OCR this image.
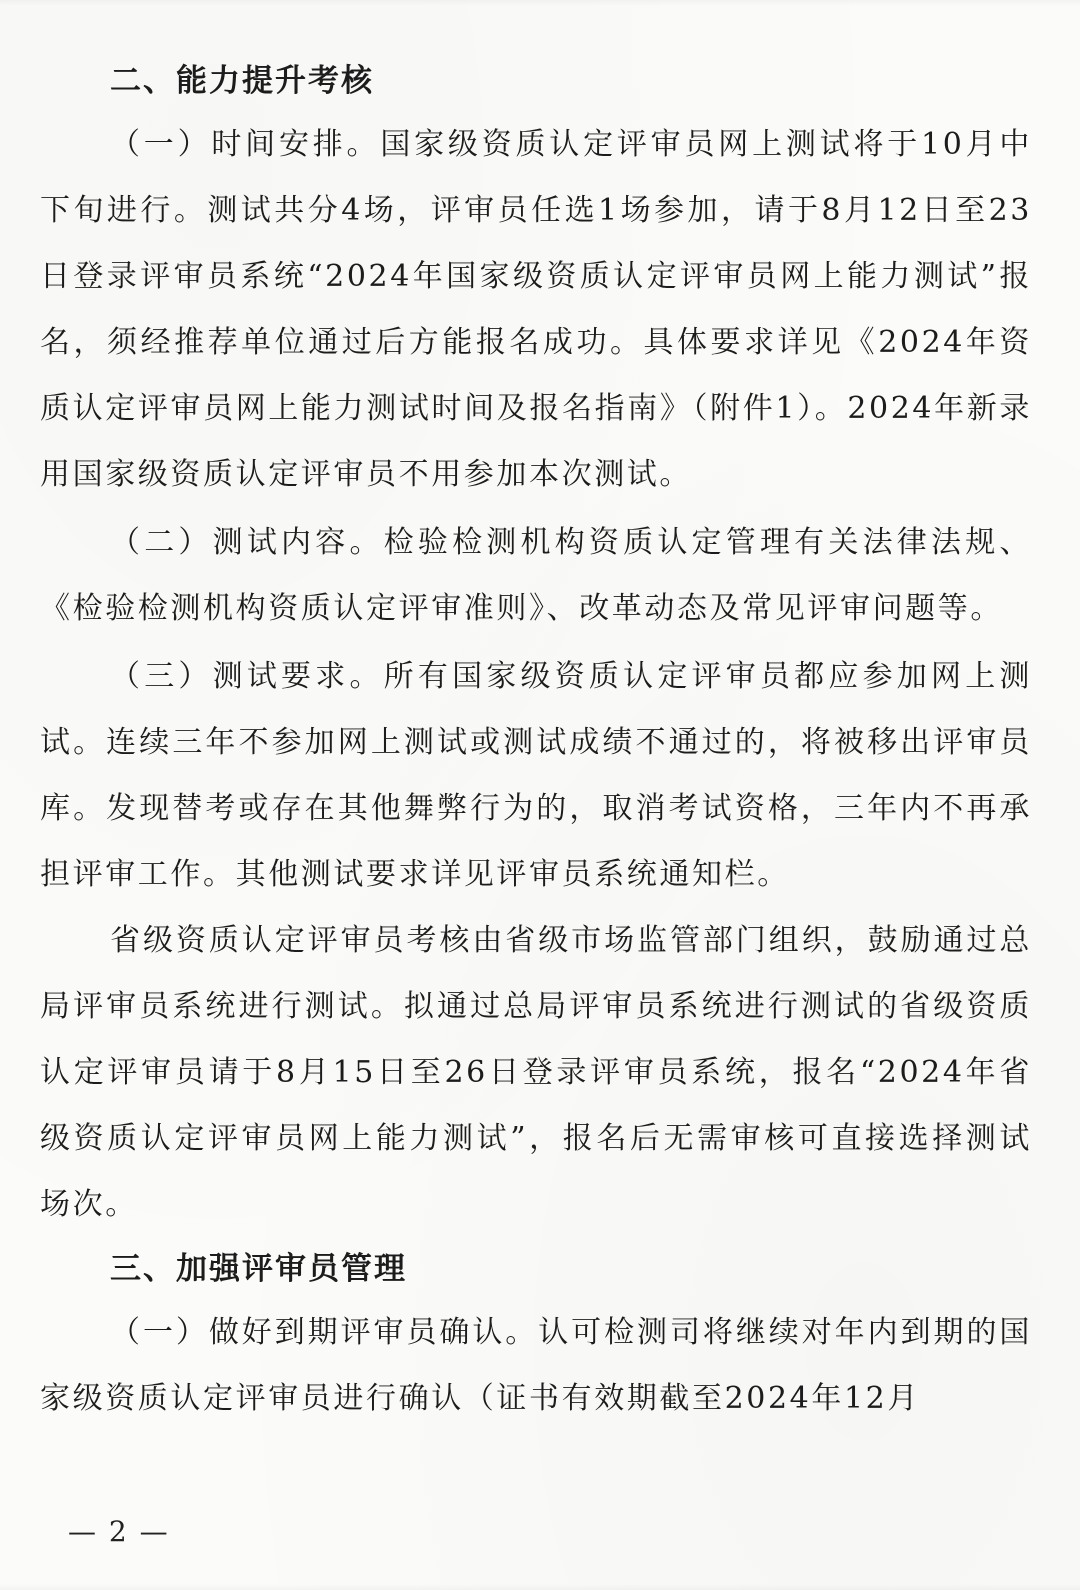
二、能力提升考核

（一）时间安排。国家级资质认定评审员网上测试将于10月中下旬进行。测试共分4场，评审员任选1场参加，请于8月12日至23日登录评审员系统“2024年国家级资质认定评审员网上能力测试”报名，须经推荐单位通过后方能报名成功。具体要求详见《2024年资质认定评审员网上能力测试时间及报名指南》（附件1）。2024年新录用国家级资质认定评审员不用参加本次测试。

（二）测试内容。检验检测机构资质认定管理有关法律法规、《检验检测机构资质认定评审准则》、改革动态及常见评审问题等。

（三）测试要求。所有国家级资质认定评审员都应参加网上测试。连续三年不参加网上测试或测试成绩不通过的，将被移出评审员库。发现替考或存在其他舞弊行为的，取消考试资格，三年内不再承担评审工作。其他测试要求详见评审员系统通知栏。

省级资质认定评审员考核由省级市场监管部门组织，鼓励通过总局评审员系统进行测试。拟通过总局评审员系统进行测试的省级资质认定评审员请于8月15日至26日登录评审员系统，报名“2024年省级资质认定评审员网上能力测试”，报名后无需审核可直接选择测试场次。

三、加强评审员管理

（一）做好到期评审员确认。认可检测司将继续对年内到期的国家级资质认定评审员进行确认（证书有效期截至2024年12月

— 2 —
